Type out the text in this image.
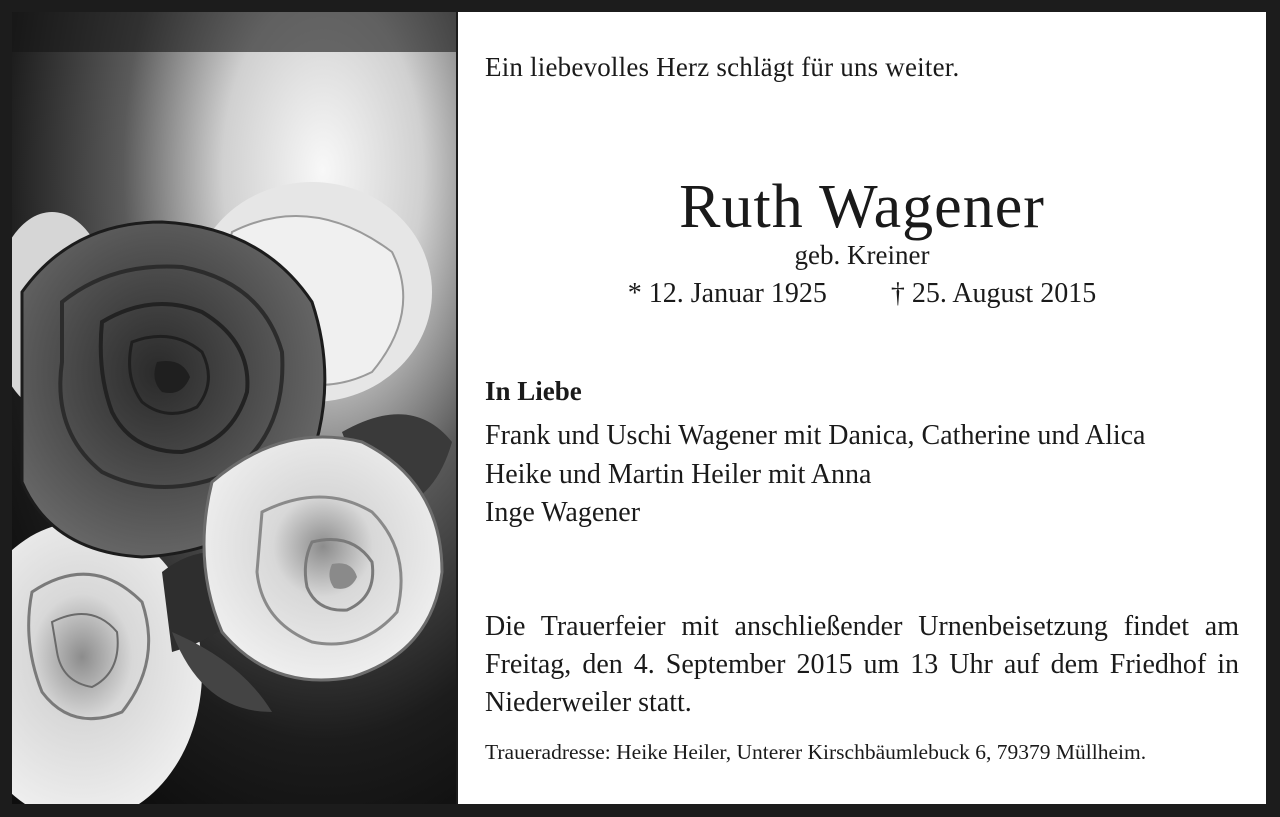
Ein liebevolles Herz schlägt für uns weiter.
Ruth Wagener
geb. Kreiner
* 12. Januar 1925 † 25. August 2015
In Liebe
Frank und Uschi Wagener mit Danica, Catherine und Alica
Heike und Martin Heiler mit Anna
Inge Wagener
Die Trauerfeier mit anschließender Urnenbeisetzung findet am Freitag, den 4. September 2015 um 13 Uhr auf dem Friedhof in Niederweiler statt.
Traueradresse: Heike Heiler, Unterer Kirschbäumlebuck 6, 79379 Müllheim.
